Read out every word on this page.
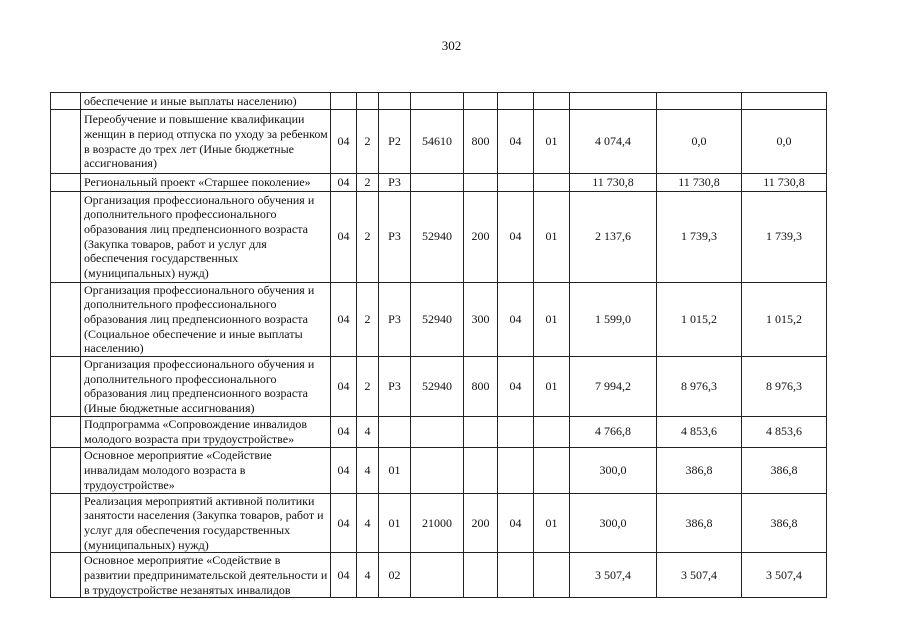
302
	обеспечение и иные выплаты населению)										
	Переобучение и повышение квалификации женщин в период отпуска по уходу за ребенком в возрасте до трех лет (Иные бюджетные ассигнования)	04	2	Р2	54610	800	04	01	4 074,4	0,0	0,0
	Региональный проект «Старшее поколение»	04	2	Р3					11 730,8	11 730,8	11 730,8
	Организация профессионального обучения и дополнительного профессионального образования лиц предпенсионного возраста (Закупка товаров, работ и услуг для обеспечения государственных (муниципальных) нужд)	04	2	Р3	52940	200	04	01	2 137,6	1 739,3	1 739,3
	Организация профессионального обучения и дополнительного профессионального образования лиц предпенсионного возраста (Социальное обеспечение и иные выплаты населению)	04	2	Р3	52940	300	04	01	1 599,0	1 015,2	1 015,2
	Организация профессионального обучения и дополнительного профессионального образования лиц предпенсионного возраста (Иные бюджетные ассигнования)	04	2	Р3	52940	800	04	01	7 994,2	8 976,3	8 976,3
	Подпрограмма «Сопровождение инвалидов молодого возраста при трудоустройстве»	04	4						4 766,8	4 853,6	4 853,6
	Основное мероприятие «Содействие инвалидам молодого возраста в трудоустройстве»	04	4	01					300,0	386,8	386,8
	Реализация мероприятий активной политики занятости населения (Закупка товаров, работ и услуг для обеспечения государственных (муниципальных) нужд)	04	4	01	21000	200	04	01	300,0	386,8	386,8
	Основное мероприятие «Содействие в развитии предпринимательской деятельности и в трудоустройстве незанятых инвалидов	04	4	02					3 507,4	3 507,4	3 507,4
